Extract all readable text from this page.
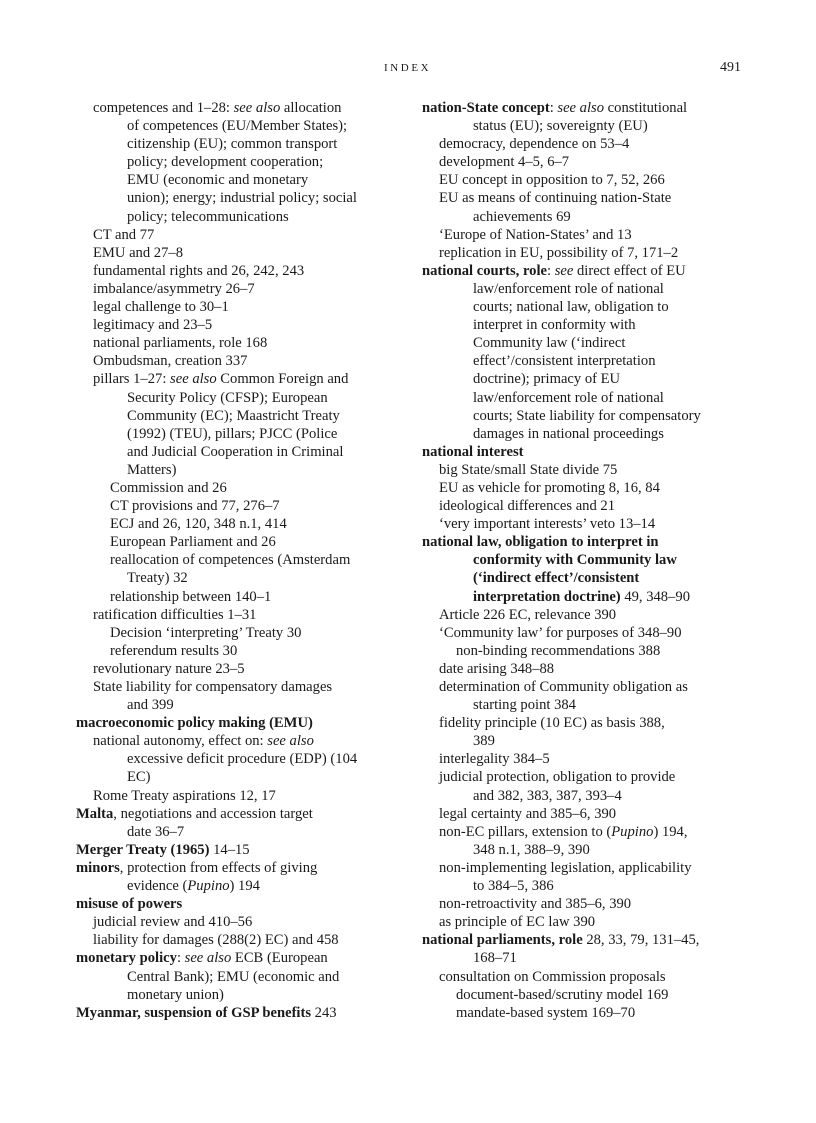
INDEX	491
competences and 1–28: see also allocation
of competences (EU/Member States);
citizenship (EU); common transport
policy; development cooperation;
EMU (economic and monetary
union); energy; industrial policy; social
policy; telecommunications
CT and 77
EMU and 27–8
fundamental rights and 26, 242, 243
imbalance/asymmetry 26–7
legal challenge to 30–1
legitimacy and 23–5
national parliaments, role 168
Ombudsman, creation 337
pillars 1–27: see also Common Foreign and
Security Policy (CFSP); European
Community (EC); Maastricht Treaty
(1992) (TEU), pillars; PJCC (Police
and Judicial Cooperation in Criminal
Matters)
Commission and 26
CT provisions and 77, 276–7
ECJ and 26, 120, 348 n.1, 414
European Parliament and 26
reallocation of competences (Amsterdam
Treaty) 32
relationship between 140–1
ratification difficulties 1–31
Decision ‘interpreting’ Treaty 30
referendum results 30
revolutionary nature 23–5
State liability for compensatory damages
and 399
macroeconomic policy making (EMU)
national autonomy, effect on: see also
excessive deficit procedure (EDP) (104
EC)
Rome Treaty aspirations 12, 17
Malta, negotiations and accession target
date 36–7
Merger Treaty (1965) 14–15
minors, protection from effects of giving
evidence (Pupino) 194
misuse of powers
judicial review and 410–56
liability for damages (288(2) EC) and 458
monetary policy: see also ECB (European
Central Bank); EMU (economic and
monetary union)
Myanmar, suspension of GSP benefits 243
nation-State concept: see also constitutional
status (EU); sovereignty (EU)
democracy, dependence on 53–4
development 4–5, 6–7
EU concept in opposition to 7, 52, 266
EU as means of continuing nation-State
achievements 69
‘Europe of Nation-States’ and 13
replication in EU, possibility of 7, 171–2
national courts, role: see direct effect of EU
law/enforcement role of national
courts; national law, obligation to
interpret in conformity with
Community law (‘indirect
effect’/consistent interpretation
doctrine); primacy of EU
law/enforcement role of national
courts; State liability for compensatory
damages in national proceedings
national interest
big State/small State divide 75
EU as vehicle for promoting 8, 16, 84
ideological differences and 21
‘very important interests’ veto 13–14
national law, obligation to interpret in
conformity with Community law
(‘indirect effect’/consistent
interpretation doctrine) 49, 348–90
Article 226 EC, relevance 390
‘Community law’ for purposes of 348–90
non-binding recommendations 388
date arising 348–88
determination of Community obligation as
starting point 384
fidelity principle (10 EC) as basis 388,
389
interlegality 384–5
judicial protection, obligation to provide
and 382, 383, 387, 393–4
legal certainty and 385–6, 390
non-EC pillars, extension to (Pupino) 194,
348 n.1, 388–9, 390
non-implementing legislation, applicability
to 384–5, 386
non-retroactivity and 385–6, 390
as principle of EC law 390
national parliaments, role 28, 33, 79, 131–45,
168–71
consultation on Commission proposals
document-based/scrutiny model 169
mandate-based system 169–70
